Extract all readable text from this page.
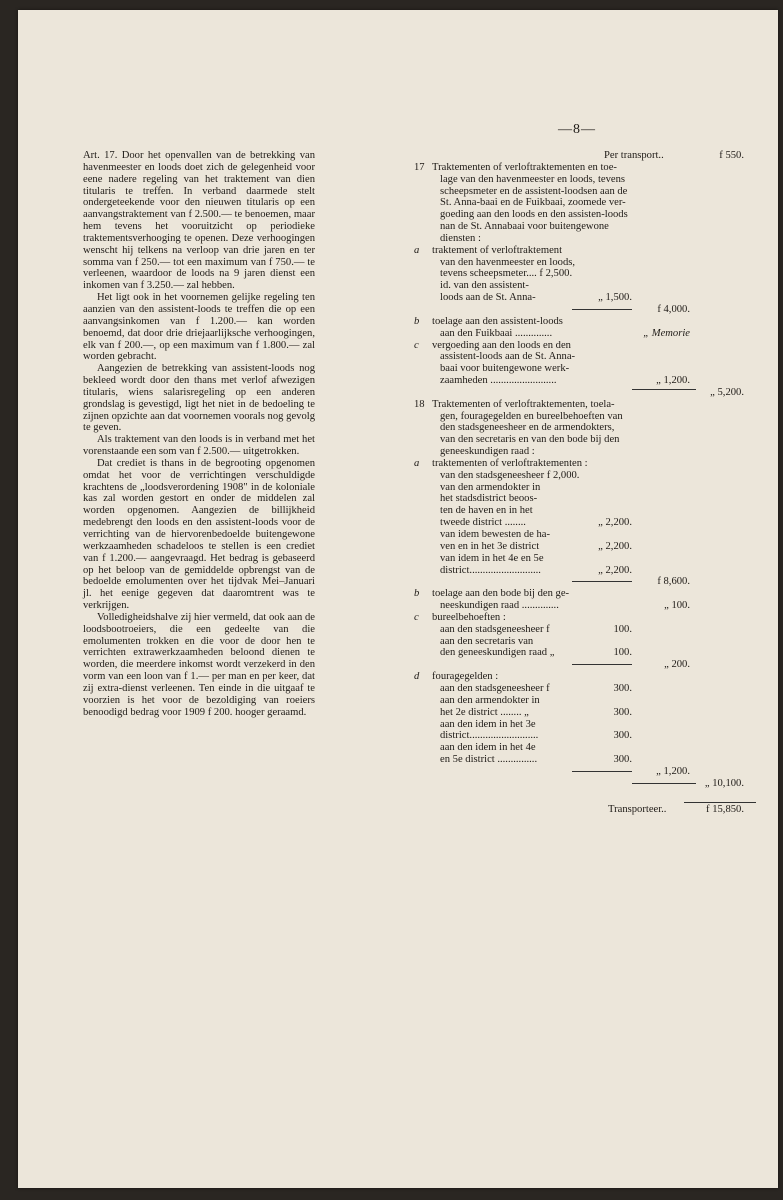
—8—

Art. 17. Door het openvallen van de betrekking van havenmeester en loods doet zich de gelegenheid voor eene nadere regeling van het traktement van dien titularis te treffen. In verband daarmede stelt ondergeteekende voor den nieuwen titularis op een aanvangstraktement van f 2.500.— te benoemen, maar hem tevens het vooruitzicht op periodieke traktementsverhooging te openen. Deze verhoogingen wenscht hij telkens na verloop van drie jaren en ter somma van f 250.— tot een maximum van f 750.— te verleenen, waardoor de loods na 9 jaren dienst een inkomen van f 3.250.— zal hebben.

Het ligt ook in het voornemen gelijke regeling ten aanzien van den assistent-loods te treffen die op een aanvangsinkomen van f 1.200.— kan worden benoemd, dat door drie driejaarlijksche verhoogingen, elk van f 200.—, op een maximum van f 1.800.— zal worden gebracht.

Aangezien de betrekking van assistent-loods nog bekleed wordt door den thans met verlof afwezigen titularis, wiens salarisregeling op een anderen grondslag is gevestigd, ligt het niet in de bedoeling te zijnen opzichte aan dat voornemen voorals nog gevolg te geven.

Als traktement van den loods is in verband met het vorenstaande een som van f 2.500.— uitgetrokken.

Dat crediet is thans in de begrooting opgenomen omdat het voor de verrichtingen verschuldigde krachtens de „loodsverordening 1908" in de koloniale kas zal worden gestort en onder de middelen zal worden opgenomen. Aangezien de billijkheid medebrengt den loods en den assistent-loods voor de verrichting van de hiervorenbedoelde buitengewone werkzaamheden schadeloos te stellen is een crediet van f 1.200.— aangevraagd. Het bedrag is gebaseerd op het beloop van de gemiddelde opbrengst van de bedoelde emolumenten over het tijdvak Mei–Januari jl. het eenige gegeven dat daaromtrent was te verkrijgen.

Volledigheidshalve zij hier vermeld, dat ook aan de loodsbootroeiers, die een gedeelte van die emolumenten trokken en die voor de door hen te verrichten extrawerkzaamheden beloond dienen te worden, die meerdere inkomst wordt verzekerd in den vorm van een loon van f 1.— per man en per keer, dat zij extra-dienst verleenen. Ten einde in die uitgaaf te voorzien is het voor de bezoldiging van roeiers benoodigd bedrag voor 1909 f 200. hooger geraamd.

Per transport..	f 550.
17 Traktementen of verloftraktementen en toe-
lage van den havenmeester en loods, tevens
scheepsmeter en de assistent-loodsen aan de
St. Anna-baai en de Fuikbaai, zoomede ver-
goeding aan den loods en den assisten-loods
nan de St. Annabaai voor buitengewone
diensten :
a traktement of verloftraktement
van den havenmeester en loods,
tevens scheepsmeter.... f 2,500.
id. van den assistent-
loods aan de St. Anna-	„ 1,500.
f 4,000.
b toelage aan den assistent-loods
aan den Fuikbaai ..............	„ Memorie
c vergoeding aan den loods en den
assistent-loods aan de St. Anna-
baai voor buitengewone werk-
zaamheden .........................	„ 1,200.
„ 5,200.
18 Traktementen of verloftraktementen, toela-
gen, fouragegelden en bureelbehoeften van
den stadsgeneesheer en de armendokters,
van den secretaris en van den bode bij den
geneeskundigen raad :
a traktementen of verloftraktementen :
van den stadsgeneesheer f 2,000.
van den armendokter in
het stadsdistrict beoos-
ten de haven en in het
tweede district ........	„ 2,200.
van idem bewesten de ha-
ven en in het 3e district	„ 2,200.
van idem in het 4e en 5e
district...........................	„ 2,200.
f 8,600.
b toelage aan den bode bij den ge-
neeskundigen raad ..............	„ 100.
c bureelbehoeften :
aan den stadsgeneesheer f	100.
aan den secretaris van
den geneeskundigen raad „	100.
„ 200.
d fouragegelden :
aan den stadsgeneesheer f	300.
aan den armendokter in
het 2e district ........ „	300.
aan den idem in het 3e
district..........................	300.
aan den idem in het 4e
en 5e district ...............	300.
„ 1,200.
„ 10,100.
Transporteer..	f 15,850.
